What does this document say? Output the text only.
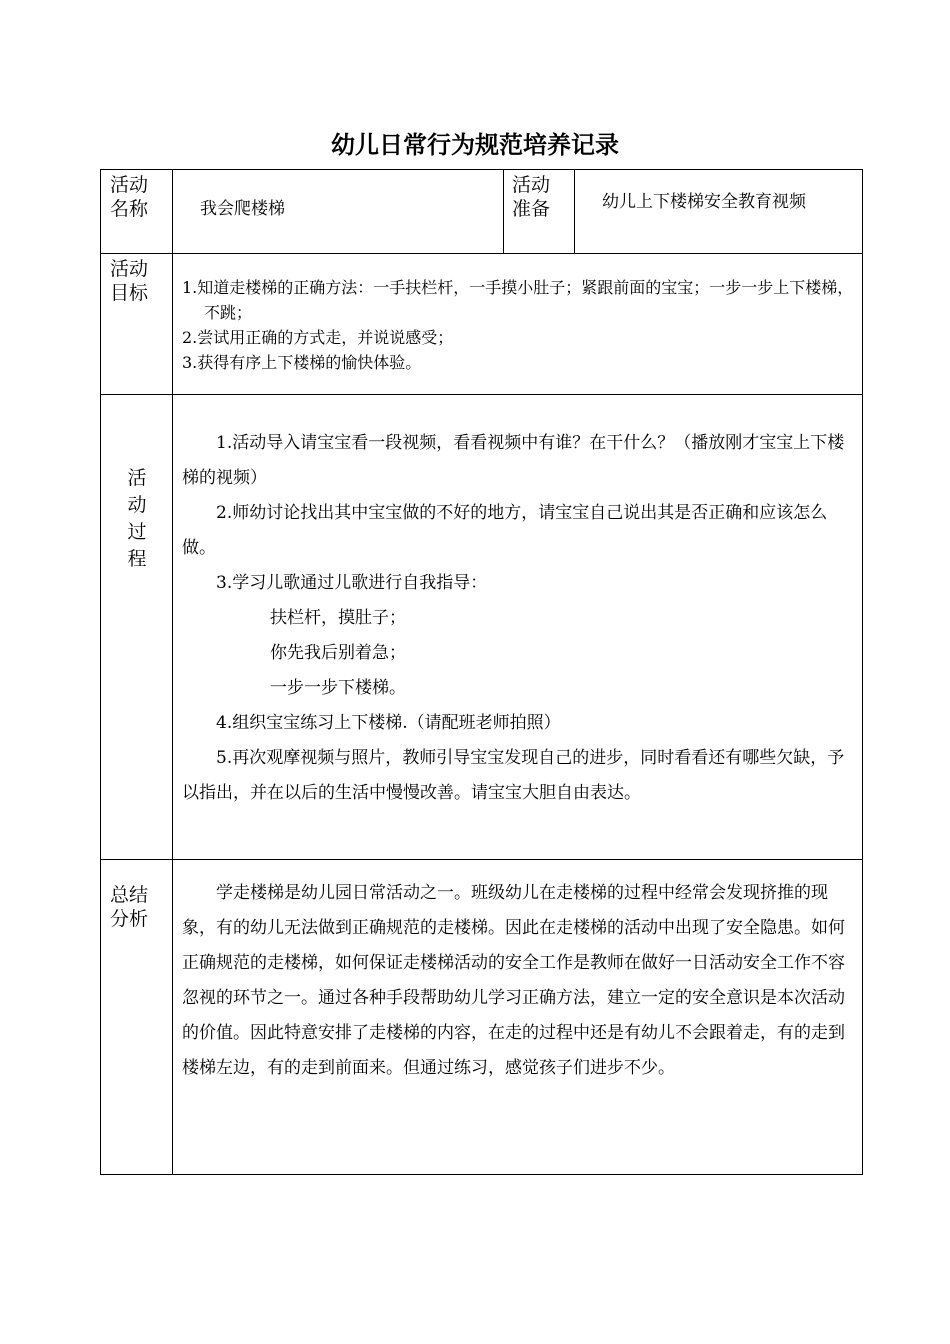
幼儿日常行为规范培养记录
活动
名称	我会爬楼梯
活动
准备	幼儿上下楼梯安全教育视频
活动
目标 1.知道走楼梯的正确方法：一手扶栏杆，一手摸小肚子；紧跟前面的宝宝；一步一步上下楼梯，不跳；

2.尝试用正确的方式走，并说说感受；

3.获得有序上下楼梯的愉快体验。

活
动
过
程

1.活动导入请宝宝看一段视频，看看视频中有谁？在干什么？（播放刚才宝宝上下楼梯的视频）

2.师幼讨论找出其中宝宝做的不好的地方，请宝宝自己说出其是否正确和应该怎么做。

3.学习儿歌通过儿歌进行自我指导：

扶栏杆，摸肚子；

你先我后别着急；

一步一步下楼梯。

4.组织宝宝练习上下楼梯.（请配班老师拍照）

5.再次观摩视频与照片，教师引导宝宝发现自己的进步，同时看看还有哪些欠缺，予以指出，并在以后的生活中慢慢改善。请宝宝大胆自由表达。

总结
分析

学走楼梯是幼儿园日常活动之一。班级幼儿在走楼梯的过程中经常会发现挤推的现象，有的幼儿无法做到正确规范的走楼梯。因此在走楼梯的活动中出现了安全隐患。如何正确规范的走楼梯，如何保证走楼梯活动的安全工作是教师在做好一日活动安全工作不容忽视的环节之一。通过各种手段帮助幼儿学习正确方法，建立一定的安全意识是本次活动的价值。因此特意安排了走楼梯的内容，在走的过程中还是有幼儿不会跟着走，有的走到楼梯左边，有的走到前面来。但通过练习，感觉孩子们进步不少。
